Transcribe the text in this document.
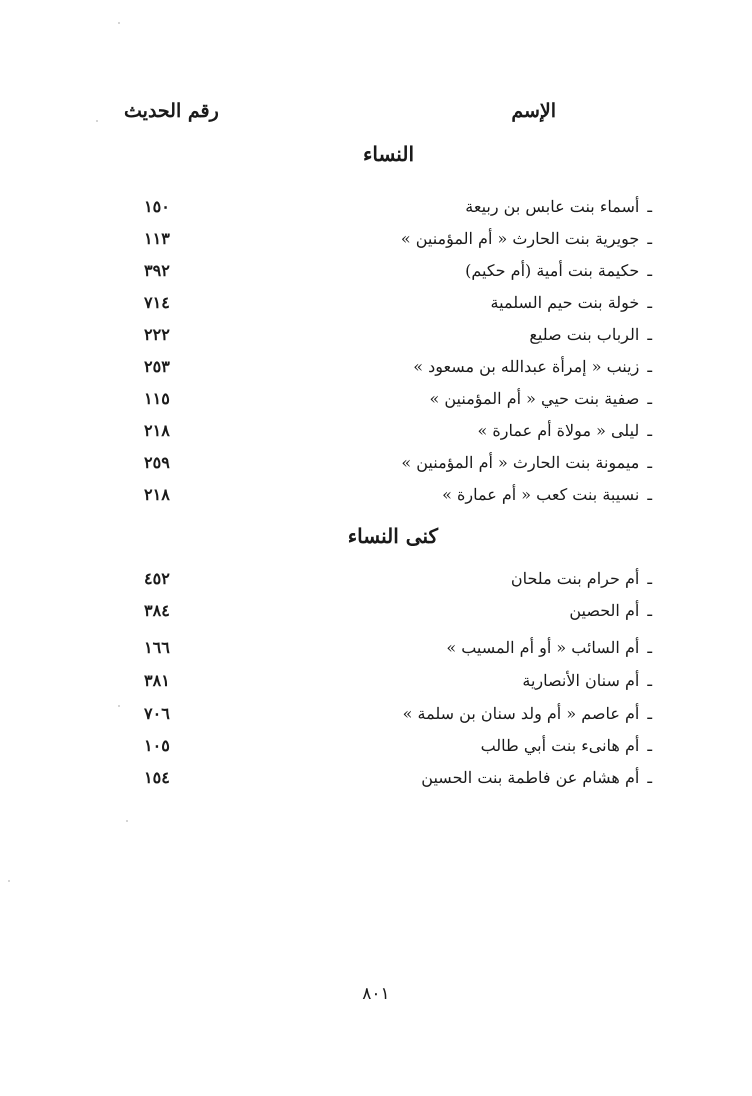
الإسم
رقم الحديث
النساء
ـأسماء بنت عابس بن ربيعة
١٥٠
ـجويرية بنت الحارث « أم المؤمنين »
١١٣
ـحكيمة بنت أمية (أم حكيم)
٣٩٢
ـخولة بنت حيم السلمية
٧١٤
ـالرباب بنت صليع
٢٢٢
ـزينب « إمرأة عبدالله بن مسعود »
٢٥٣
ـصفية بنت حيي « أم المؤمنين »
١١٥
ـليلى « مولاة أم عمارة »
٢١٨
ـميمونة بنت الحارث « أم المؤمنين »
٢٥٩
ـنسيبة بنت كعب « أم عمارة »
٢١٨
كنى النساء
ـأم حرام بنت ملحان
٤٥٢
ـأم الحصين
٣٨٤
ـأم السائب « أو أم المسيب »
١٦٦
ـأم سنان الأنصارية
٣٨١
ـأم عاصم « أم ولد سنان بن سلمة »
٧٠٦
ـأم هانىء بنت أبي طالب
١٠٥
ـأم هشام عن فاطمة بنت الحسين
١٥٤
٨٠١
